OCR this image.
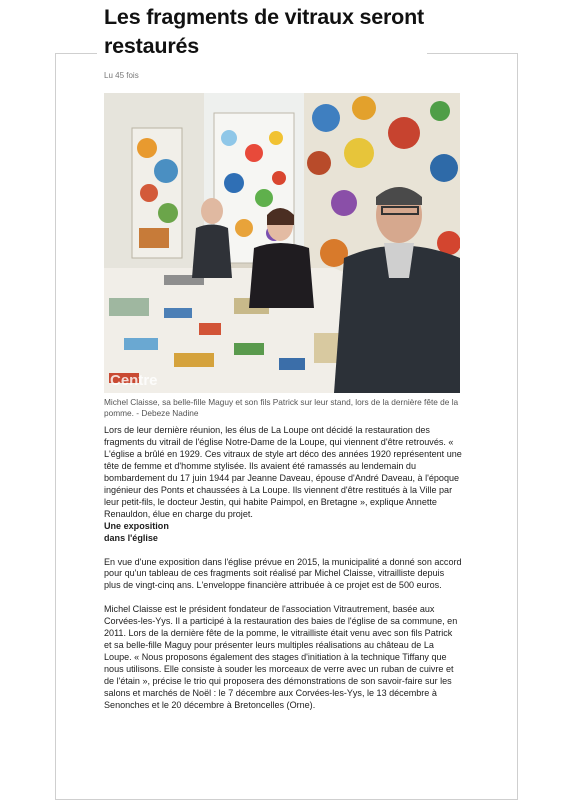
Les fragments de vitraux seront restaurés
Lu 45 fois
Centre
Michel Claisse, sa belle-fille Maguy et son fils Patrick sur leur stand, lors de la dernière fête de la pomme. - Debeze Nadine

Lors de leur dernière réunion, les élus de La Loupe ont décidé la restauration des fragments du vitrail de l'église Notre-Dame de la Loupe, qui viennent d'être retrouvés. « L'église a brûlé en 1929. Ces vitraux de style art déco des années 1920 représentent une tête de femme et d'homme stylisée. Ils avaient été ramassés au lendemain du bombardement du 17 juin 1944 par Jeanne Daveau, épouse d'André Daveau, à l'époque ingénieur des Ponts et chaussées à La Loupe. Ils viennent d'être restitués à la Ville par leur petit-fils, le docteur Jestin, qui habite Paimpol, en Bretagne », explique Annette Renauldon, élue en charge du projet.

Une exposition

dans l'église

En vue d'une exposition dans l'église prévue en 2015, la municipalité a donné son accord pour qu'un tableau de ces fragments soit réalisé par Michel Claisse, vitrailliste depuis plus de vingt-cinq ans. L'enveloppe financière attribuée à ce projet est de 500 euros.

Michel Claisse est le président fondateur de l'association Vitrautrement, basée aux Corvées-les-Yys. Il a participé à la restauration des baies de l'église de sa commune, en 2011. Lors de la dernière fête de la pomme, le vitrailliste était venu avec son fils Patrick et sa belle-fille Maguy pour présenter leurs multiples réalisations au château de La Loupe. « Nous proposons également des stages d'initiation à la technique Tiffany que nous utilisons. Elle consiste à souder les morceaux de verre avec un ruban de cuivre et de l'étain », précise le trio qui proposera des démonstrations de son savoir-faire sur les salons et marchés de Noël : le 7 décembre aux Corvées-les-Yys, le 13 décembre à Senonches et le 20 décembre à Bretoncelles (Orne).
